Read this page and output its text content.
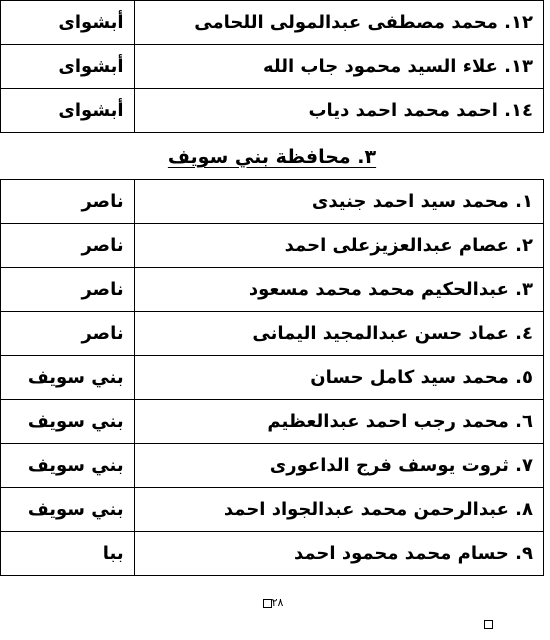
أبشواى	١٢. محمد مصطفى عبدالمولى اللحامى
أبشواى	١٣. علاء السيد محمود جاب الله
أبشواى	١٤. احمد محمد احمد دياب
٣. محافظة بني سويف
ناصر	١. محمد سيد احمد جنيدى
ناصر	٢. عصام عبدالعزيزعلى احمد
ناصر	٣. عبدالحكيم محمد محمد مسعود
ناصر	٤. عماد حسن عبدالمجيد اليمانى
بني سويف	٥. محمد سيد كامل حسان
بني سويف	٦. محمد رجب احمد عبدالعظيم
بني سويف	٧. ثروت يوسف فرج الداعورى
بني سويف	٨. عبدالرحمن محمد عبدالجواد احمد
ببا	٩. حسام محمد محمود احمد
٢٨
